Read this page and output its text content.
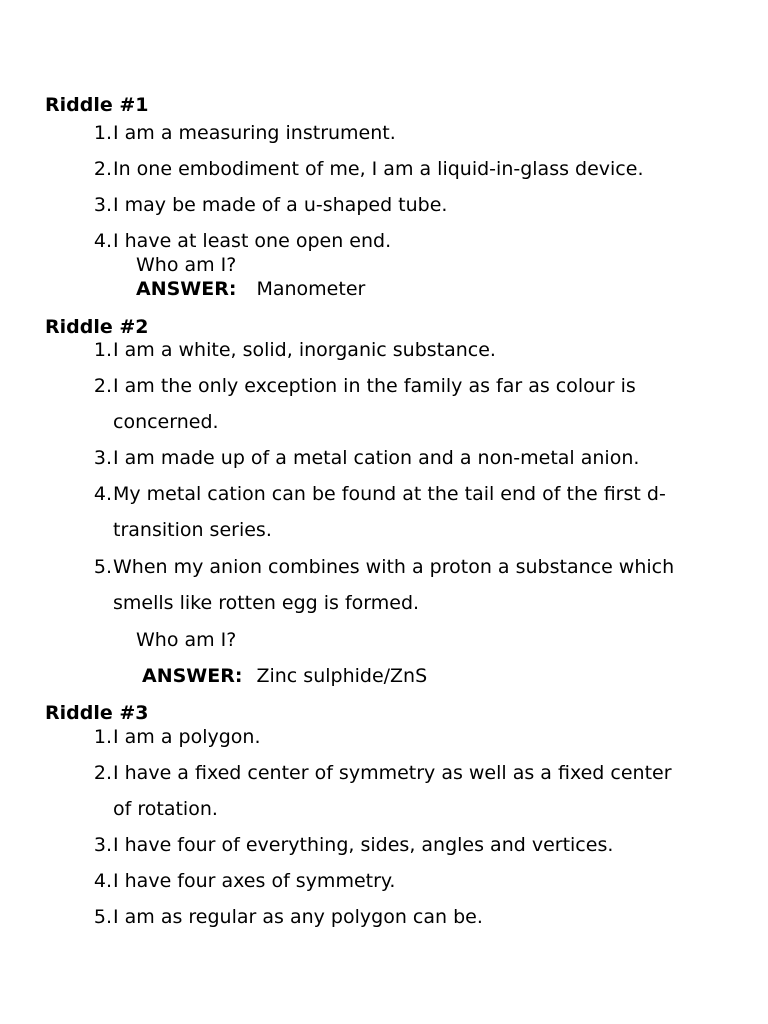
Riddle #1
1. I am a measuring instrument.
2. In one embodiment of me, I am a liquid-in-glass device.
3. I may be made of a u-shaped tube.
4. I have at least one open end.
Who am I?
ANSWER: Manometer
Riddle #2
1. I am a white, solid, inorganic substance.
2. I am the only exception in the family as far as colour is concerned.
3. I am made up of a metal cation and a non-metal anion.
4. My metal cation can be found at the tail end of the first d-transition series.
5. When my anion combines with a proton a substance which smells like rotten egg is formed.
Who am I?
ANSWER: Zinc sulphide/ZnS
Riddle #3
1. I am a polygon.
2. I have a fixed center of symmetry as well as a fixed center of rotation.
3. I have four of everything, sides, angles and vertices.
4. I have four axes of symmetry.
5. I am as regular as any polygon can be.
